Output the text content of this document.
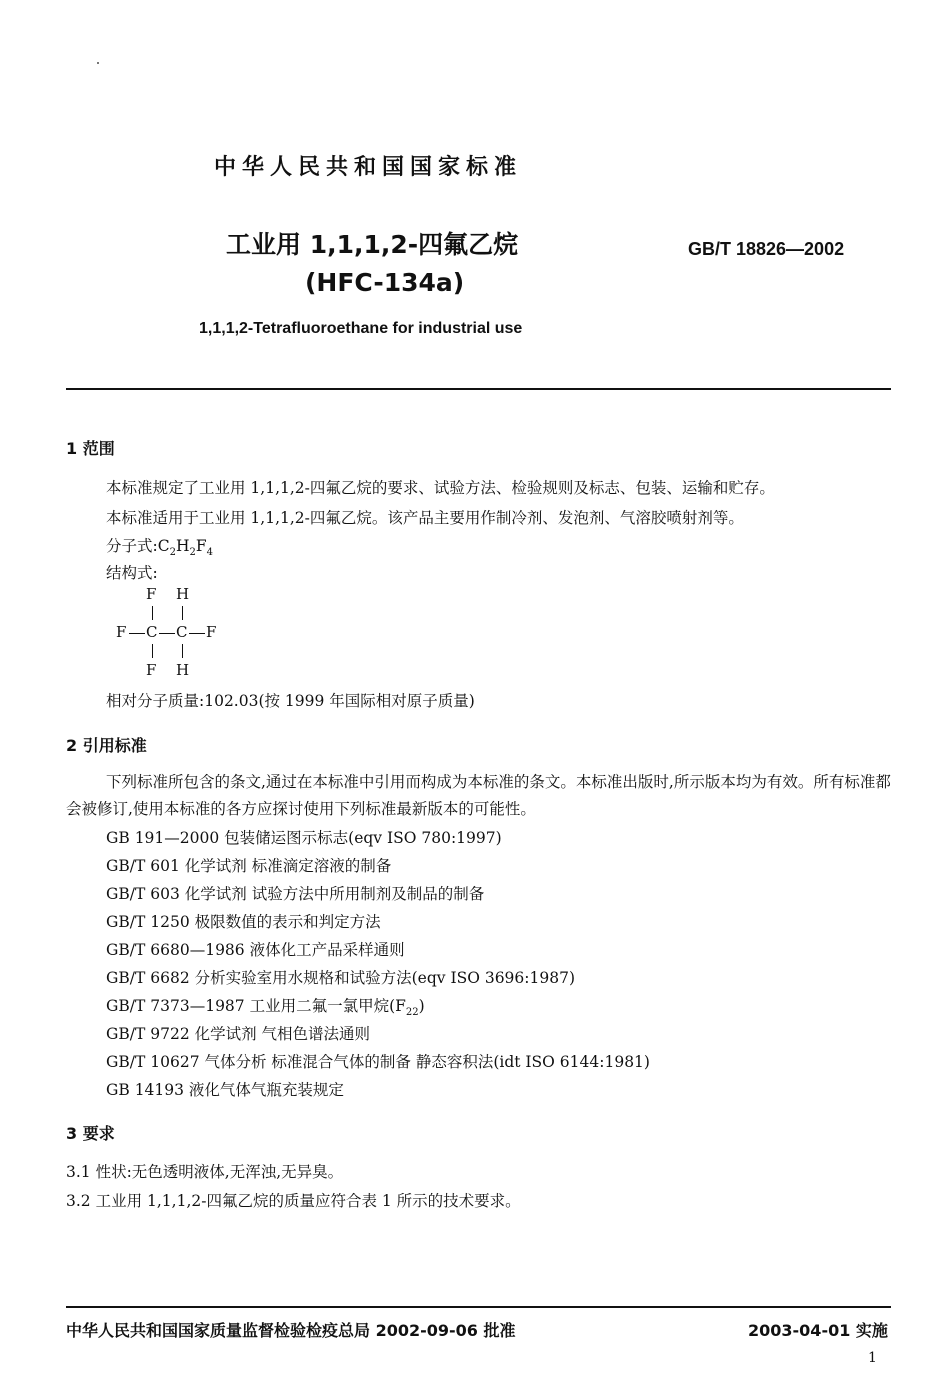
中华人民共和国国家标准
工业用 1,1,1,2-四氟乙烷
(HFC-134a)
GB/T 18826—2002
1,1,1,2-Tetrafluoroethane for industrial use
1 范围
本标准规定了工业用 1,1,1,2-四氟乙烷的要求、试验方法、检验规则及标志、包装、运输和贮存。
本标准适用于工业用 1,1,1,2-四氟乙烷。该产品主要用作制冷剂、发泡剂、气溶胶喷射剂等。
分子式$:C_2H_2F_4$
结构式:
F H
F C C F
F H
相对分子质量:102.03(按 1999 年国际相对原子质量)
2 引用标准
下列标准所包含的条文,通过在本标准中引用而构成为本标准的条文。本标准出版时,所示版本均为有效。所有标准都会被修订,使用本标准的各方应探讨使用下列标准最新版本的可能性。
GB 191—2000 包装储运图示标志(eqv ISO 780:1997)
GB/T 601 化学试剂 标准滴定溶液的制备
GB/T 603 化学试剂 试验方法中所用制剂及制品的制备
GB/T 1250 极限数值的表示和判定方法
GB/T 6680—1986 液体化工产品采样通则
GB/T 6682 分析实验室用水规格和试验方法(eqv ISO 3696:1987)
GB/T 7373—1987 工业用二氟一氯甲烷$(F_{22})$
GB/T 9722 化学试剂 气相色谱法通则
GB/T 10627 气体分析 标准混合气体的制备 静态容积法(idt ISO 6144:1981)
GB 14193 液化气体气瓶充装规定
3 要求
3.1 性状:无色透明液体,无浑浊,无异臭。
3.2 工业用 1,1,1,2-四氟乙烷的质量应符合表 1 所示的技术要求。
中华人民共和国国家质量监督检验检疫总局 2002-09-06 批准	2003-04-01 实施
1
